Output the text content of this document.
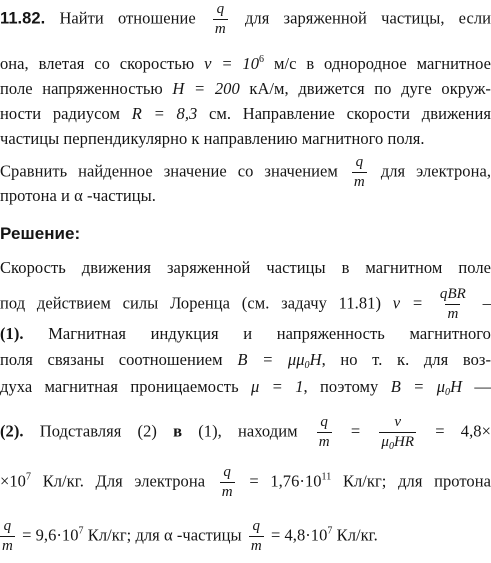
11.82. Найти отношение $\frac{q}{m}$ для заряженной частицы, если
она, влетая со скоростью $v = 10^6$ м/с в однородное магнитное
поле напряженностью H = 200 кА/м, движется по дуге окруж-
ности радиусом R = 8,3 см. Направление скорости движения
частицы перпендикулярно к направлению магнитного поля.
Сравнить найденное значение со значением $\frac{q}{m}$ для электрона,
протона и α -частицы.
Решение:
Скорость движения заряженной частицы в магнитном поле
под действием силы Лоренца (см. задачу 11.81) v = qBR
m
–
(1). Магнитная индукция и напряженность магнитного
поля связаны соотношением $B = \mu\mu_0H$, но т. к. для воз-
духа магнитная проницаемость μ = 1, поэтому $B = \mu_0H$ —
(2). Подставляя (2) в (1), находим $\frac{q}{m} = \frac{v}{\mu_0HR} = 4,8\times$
$\times 10^7$ Кл/кг. Для электрона $\frac{q}{m} = 1,76\cdot 10^{11}$ Кл/кг; для протона
$\frac{q}{m} = 9,6\cdot 10^7$ Кл/кг; для α -частицы $\frac{q}{m} = 4,8\cdot 10^7$ Кл/кг.
